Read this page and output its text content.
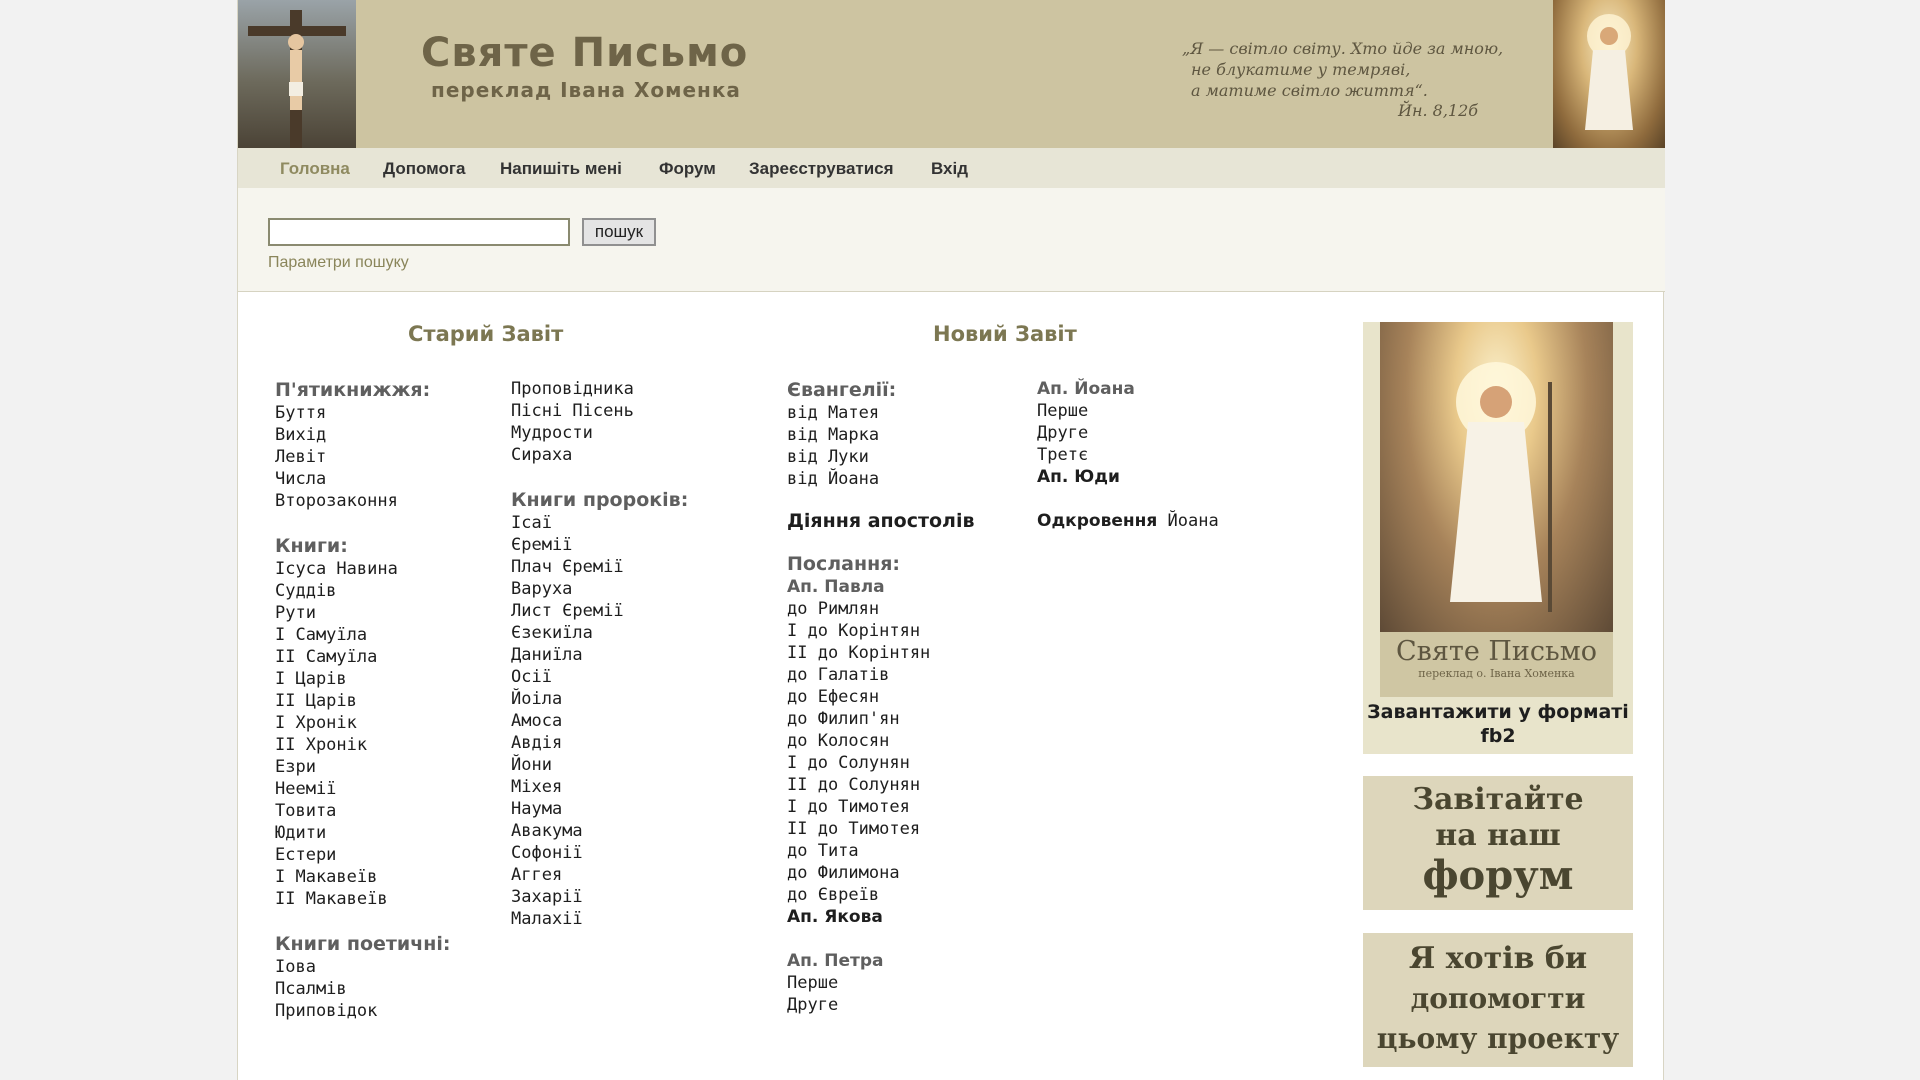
Святе Письмо
переклад Івана Хоменка
„Я — світло світу. Хто йде за мною,
не блукатиме у темряві,
а матиме світло життя“.
Йн. 8,12б
Головна Допомога Напишіть мені Форум Зареєструватися Вхід
пошук
Параметри пошуку
Старий Завіт
П'ятикнижжя:
Буття
Вихід
Левіт
Числа
Второзаконня
Книги:
Ісуса Навина
Суддів
Рути
I Самуїла
II Самуїла
I Царів
II Царів
I Хронік
II Хронік
Езри
Неемії
Товита
Юдити
Естери
I Макавеїв
II Макавеїв
Книги поетичні:
Іова
Псалмів
Приповідок
Проповідника
Пісні Пісень
Мудрости
Сираха
Книги пророків:
Ісаї
Єремії
Плач Єремії
Варуха
Лист Єремії
Єзекиїла
Даниїла
Осії
Йоіла
Амоса
Авдія
Йони
Міхея
Наума
Авакума
Софонії
Аггея
Захарії
Малахії
Новий Завіт
Євангелії:
від Матея
від Марка
від Луки
від Йоана
Діяння апостолів
Послання:
Ап. Павла
до Римлян
I до Корінтян
II до Корінтян
до Галатів
до Ефесян
до Филип'ян
до Колосян
I до Солунян
II до Солунян
I до Тимотея
II до Тимотея
до Тита
до Филимона
до Євреїв
Ап. Якова
Ап. Петра
Перше
Друге
Ап. Йоана
Перше
Друге
Третє
Ап. Юди
Одкровення Йоана
Святе Письмо
переклад о. Івана Хоменка
Завантажити у форматі fb2
Завітайте
на наш
форум
Я хотів би
допомогти
цьому проекту
